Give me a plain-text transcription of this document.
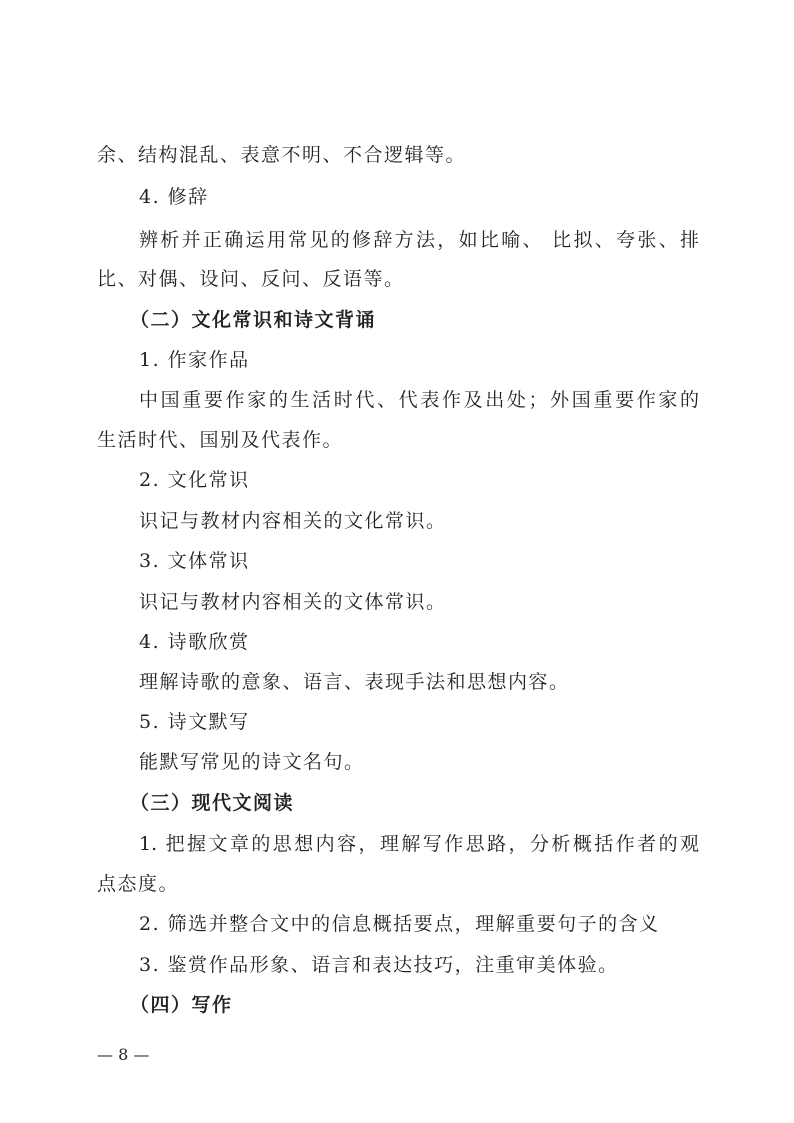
余、结构混乱、表意不明、不合逻辑等。
4. 修辞
辨析并正确运用常见的修辞方法，如比喻、 比拟、夸张、排
比、对偶、设问、反问、反语等。
（二）文化常识和诗文背诵
1. 作家作品
中国重要作家的生活时代、代表作及出处；外国重要作家的
生活时代、国别及代表作。
2. 文化常识
识记与教材内容相关的文化常识。
3. 文体常识
识记与教材内容相关的文体常识。
4. 诗歌欣赏
理解诗歌的意象、语言、表现手法和思想内容。
5. 诗文默写
能默写常见的诗文名句。
（三）现代文阅读
1. 把握文章的思想内容，理解写作思路，分析概括作者的观
点态度。
2. 筛选并整合文中的信息概括要点，理解重要句子的含义
3. 鉴赏作品形象、语言和表达技巧，注重审美体验。
（四）写作
— 8 —
